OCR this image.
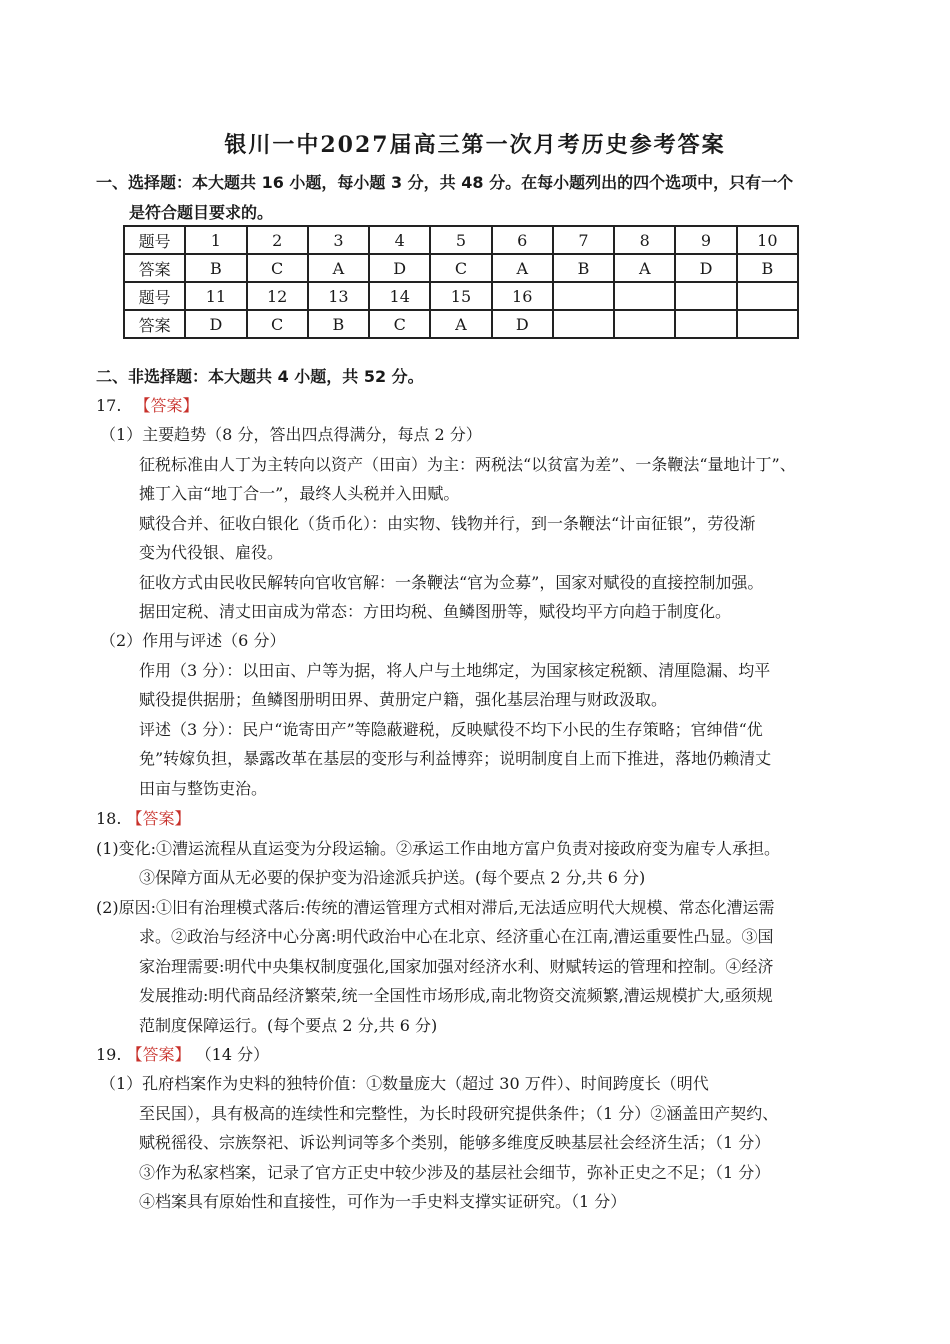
银川一中2027届高三第一次月考历史参考答案
一、选择题：本大题共 16 小题，每小题 3 分，共 48 分。在每小题列出的四个选项中，只有一个
是符合题目要求的。
题号	1	2	3	4	5	6	7	8	9	10
答案	B	C	A	D	C	A	B	A	D	B
题号	11	12	13	14	15	16				
答案	D	C	B	C	A	D				
二、非选择题：本大题共 4 小题，共 52 分。
17. 【答案】
（1）主要趋势（8 分，答出四点得满分，每点 2 分）
征税标准由人丁为主转向以资产（田亩）为主：两税法“以贫富为差”、一条鞭法“量地计丁”、
摊丁入亩“地丁合一”，最终人头税并入田赋。
赋役合并、征收白银化（货币化）：由实物、钱物并行，到一条鞭法“计亩征银”，劳役渐
变为代役银、雇役。
征收方式由民收民解转向官收官解：一条鞭法“官为佥募”，国家对赋役的直接控制加强。
据田定税、清丈田亩成为常态：方田均税、鱼鳞图册等，赋役均平方向趋于制度化。
（2）作用与评述（6 分）
作用（3 分）：以田亩、户等为据，将人户与土地绑定，为国家核定税额、清厘隐漏、均平
赋役提供据册；鱼鳞图册明田界、黄册定户籍，强化基层治理与财政汲取。
评述（3 分）：民户“诡寄田产”等隐蔽避税，反映赋役不均下小民的生存策略；官绅借“优
免”转嫁负担，暴露改革在基层的变形与利益博弈；说明制度自上而下推进，落地仍赖清丈
田亩与整饬吏治。
18. 【答案】
(1)变化:①漕运流程从直运变为分段运输。②承运工作由地方富户负责对接政府变为雇专人承担。
③保障方面从无必要的保护变为沿途派兵护送。(每个要点 2 分,共 6 分)
(2)原因:①旧有治理模式落后:传统的漕运管理方式相对滞后,无法适应明代大规模、常态化漕运需
求。②政治与经济中心分离:明代政治中心在北京、经济重心在江南,漕运重要性凸显。③国
家治理需要:明代中央集权制度强化,国家加强对经济水利、财赋转运的管理和控制。④经济
发展推动:明代商品经济繁荣,统一全国性市场形成,南北物资交流频繁,漕运规模扩大,亟须规
范制度保障运行。(每个要点 2 分,共 6 分)
19. 【答案】 （14 分）
（1）孔府档案作为史料的独特价值：①数量庞大（超过 30 万件）、时间跨度长（明代
至民国），具有极高的连续性和完整性，为长时段研究提供条件；（1 分）②涵盖田产契约、
赋税徭役、宗族祭祀、诉讼判词等多个类别，能够多维度反映基层社会经济生活；（1 分）
③作为私家档案，记录了官方正史中较少涉及的基层社会细节，弥补正史之不足；（1 分）
④档案具有原始性和直接性，可作为一手史料支撑实证研究。（1 分）
